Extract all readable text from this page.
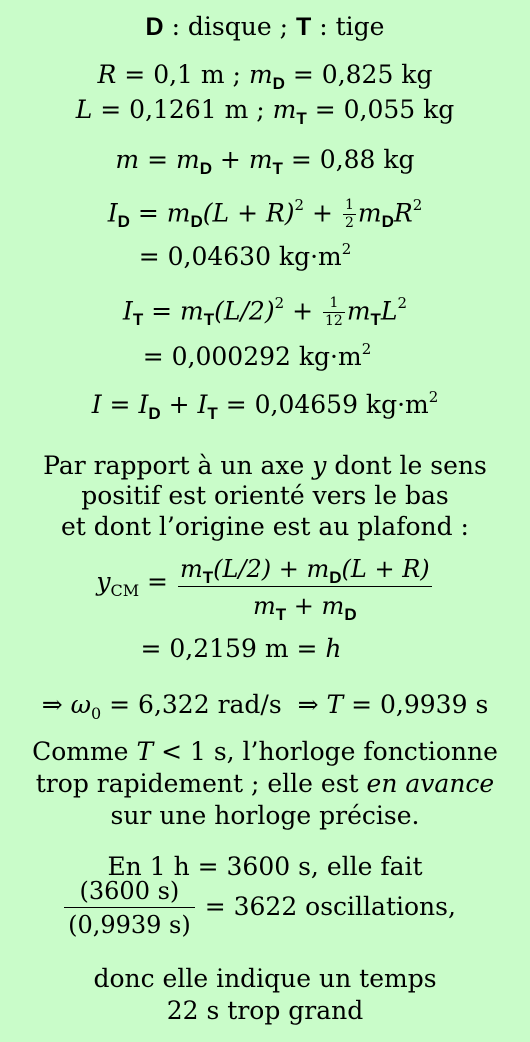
D : disque ; T : tige
R = 0,1 m ; $m_D = 0,825$ kg
L = 0,1261 m ; $m_T = 0,055$ kg
$m = m_D + m_T = 0,88$ kg
$I_D = m_D(L + R)^2 + \frac{1}{2} m_DR^2$
= 0,04630 $kg\cdot m^2$
$I_T = m_T(L/2)^2 + \frac{1}{12} m_TL^2$
= 0,000292 $kg\cdot m^2$
$I = I_D + I_T = 0,04659$ $kg\cdot m^2$
Par rapport à un axe y dont le sens
positif est orienté vers le bas
et dont l’origine est au plafond :
$y_{CM} = \frac{m_T(L/2) + m_D(L + R)}{m_T + m_D}$
= 0,2159 m = h
⇒ $\omega_0 = 6,322$ rad/s  ⇒ T = 0,9939 s
Comme T < 1 s, l’horloge fonctionne
trop rapidement ; elle est en avance
sur une horloge précise.
En 1 h = 3600 s, elle fait
$\frac{(3600 s)}{(0,9939 s)} = 3622$ oscillations,
donc elle indique un temps
22 s trop grand
